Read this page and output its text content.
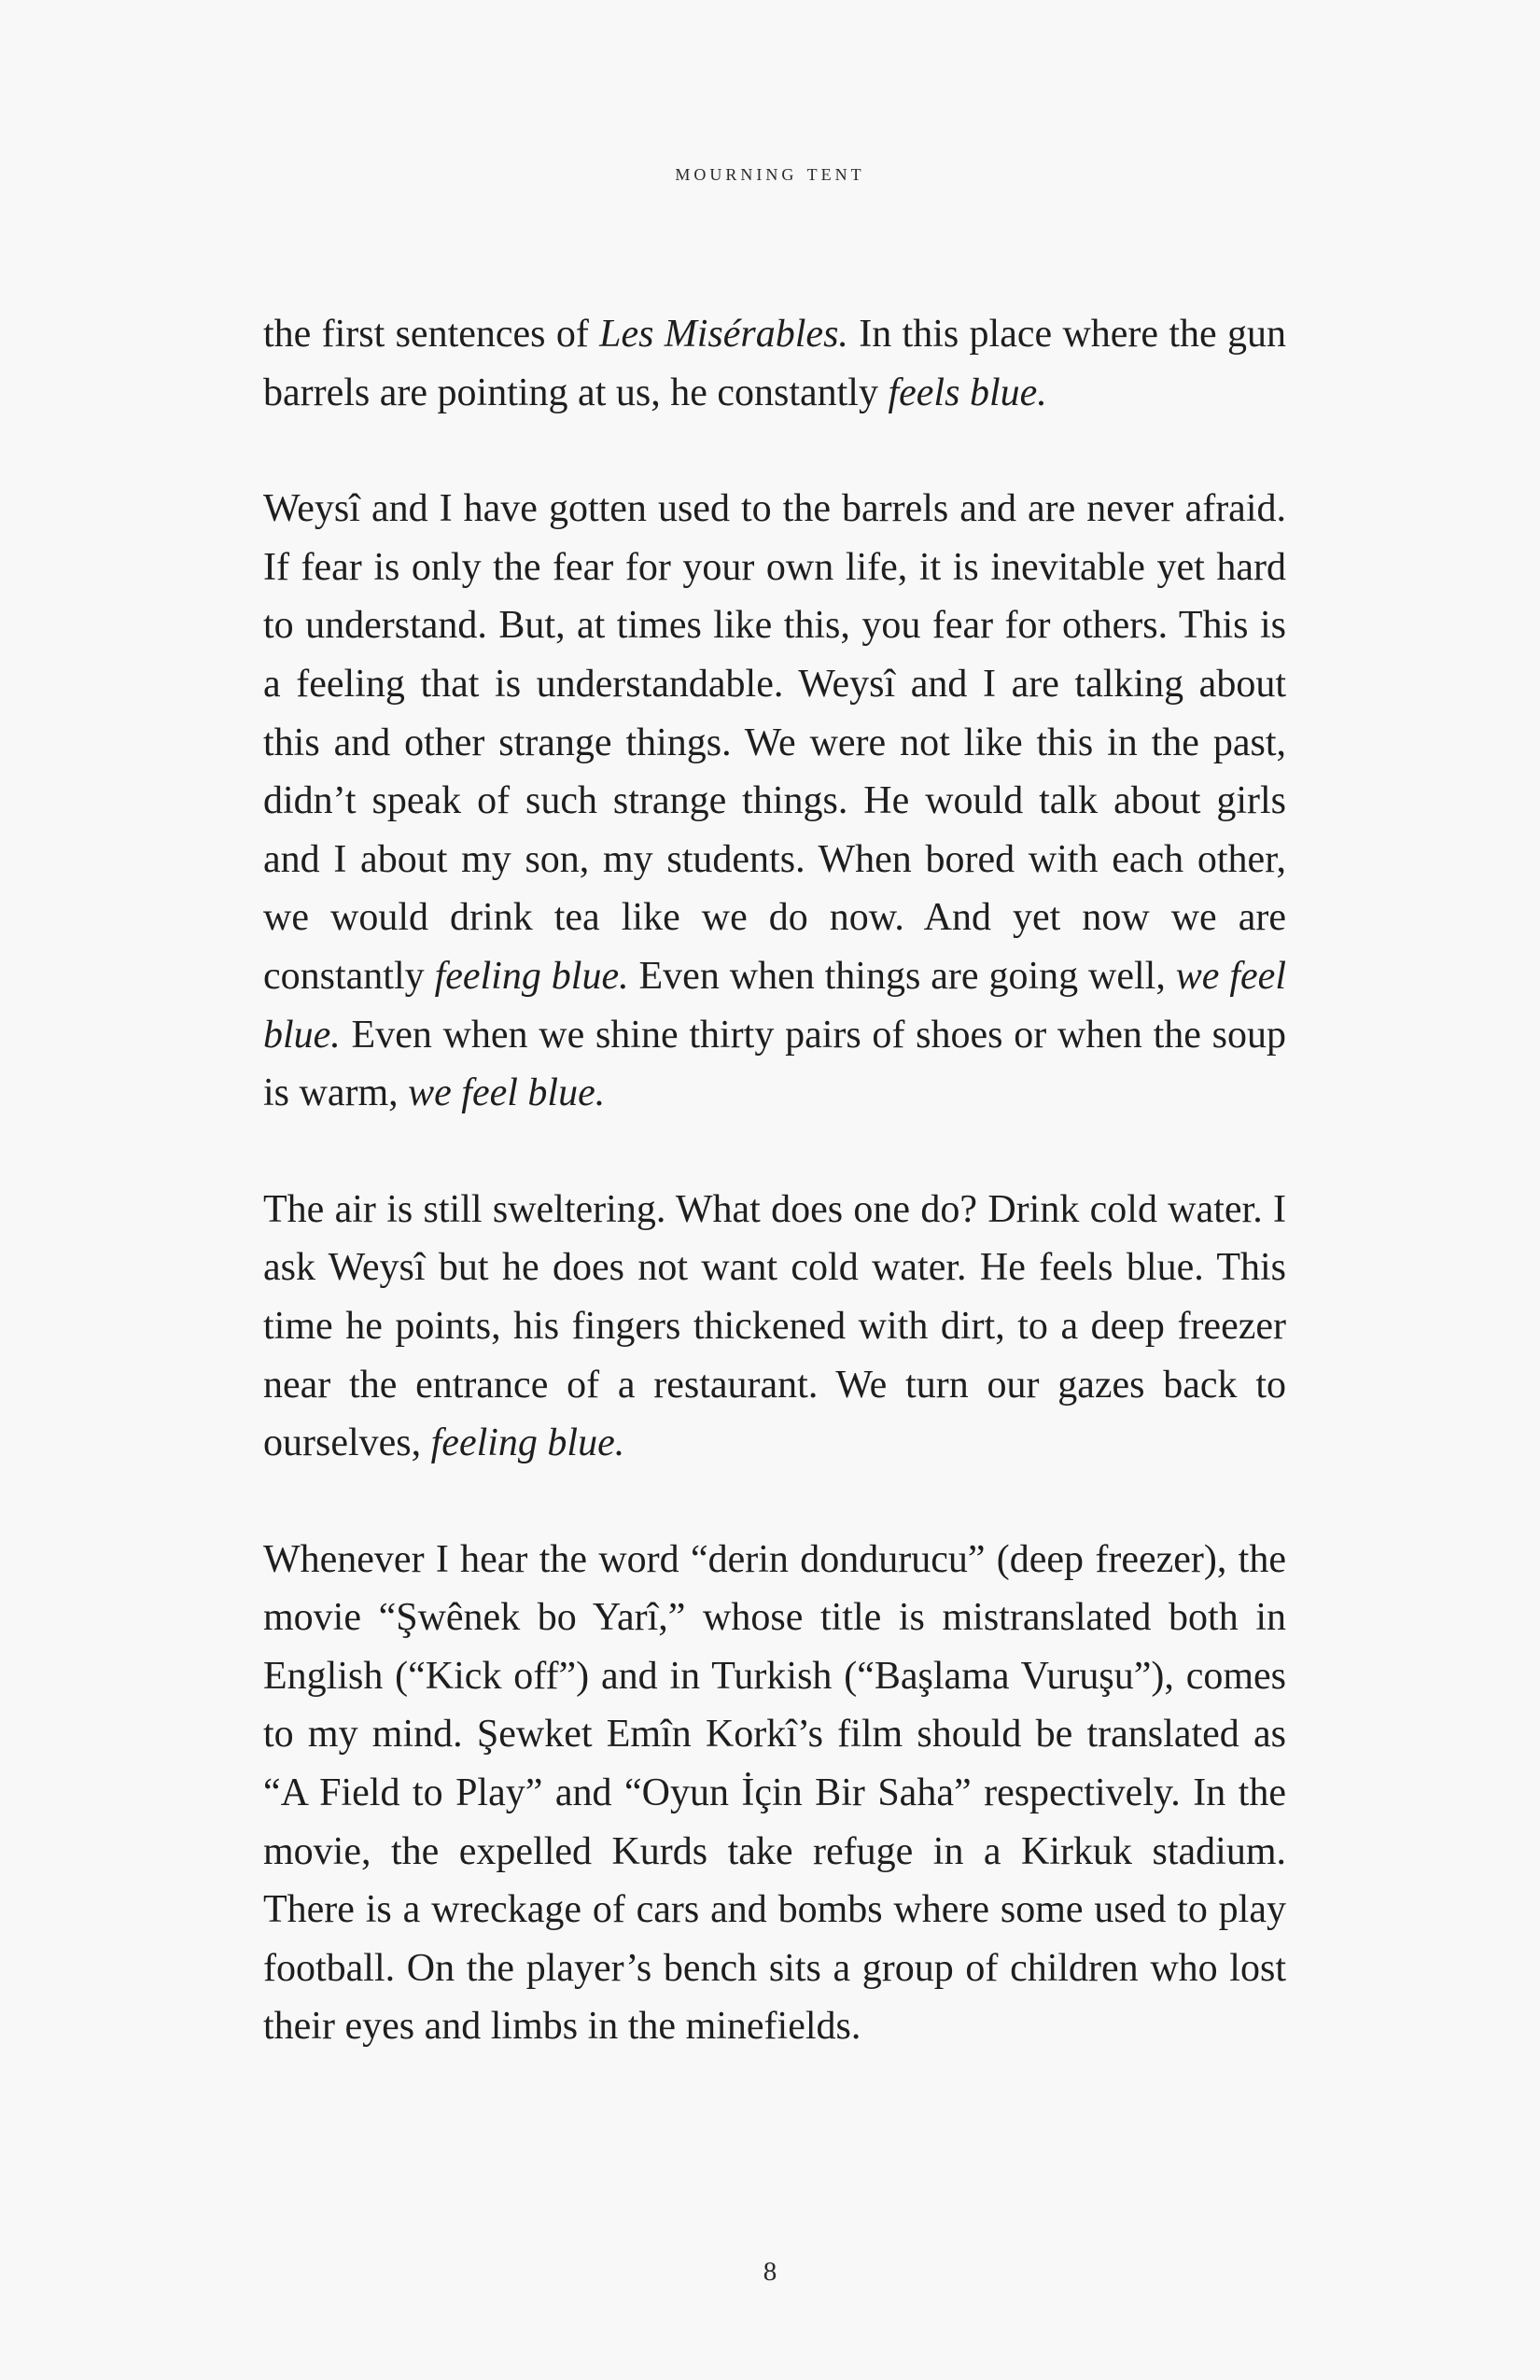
mourning tent

the first sentences of Les Misérables. In this place where the gun barrels are pointing at us, he constantly feels blue.

Weysî and I have gotten used to the barrels and are never afraid. If fear is only the fear for your own life, it is inevitable yet hard to understand. But, at times like this, you fear for others. This is a feeling that is understandable. Weysî and I are talking about this and other strange things. We were not like this in the past, didn’t speak of such strange things. He would talk about girls and I about my son, my students. When bored with each other, we would drink tea like we do now. And yet now we are constantly feeling blue. Even when things are going well, we feel blue. Even when we shine thirty pairs of shoes or when the soup is warm, we feel blue.

The air is still sweltering. What does one do? Drink cold water. I ask Weysî but he does not want cold water. He feels blue. This time he points, his fingers thickened with dirt, to a deep freezer near the entrance of a restaurant. We turn our gazes back to ourselves, feeling blue.

Whenever I hear the word “derin dondurucu” (deep freezer), the movie “Şwênek bo Yarî,” whose title is mistranslated both in English (“Kick off”) and in Turkish (“Başlama Vuruşu”), comes to my mind. Şewket Emîn Korkî’s film should be translated as “A Field to Play” and “Oyun İçin Bir Saha” respectively. In the movie, the expelled Kurds take refuge in a Kirkuk stadium. There is a wreckage of cars and bombs where some used to play football. On the player’s bench sits a group of children who lost their eyes and limbs in the minefields.

8
